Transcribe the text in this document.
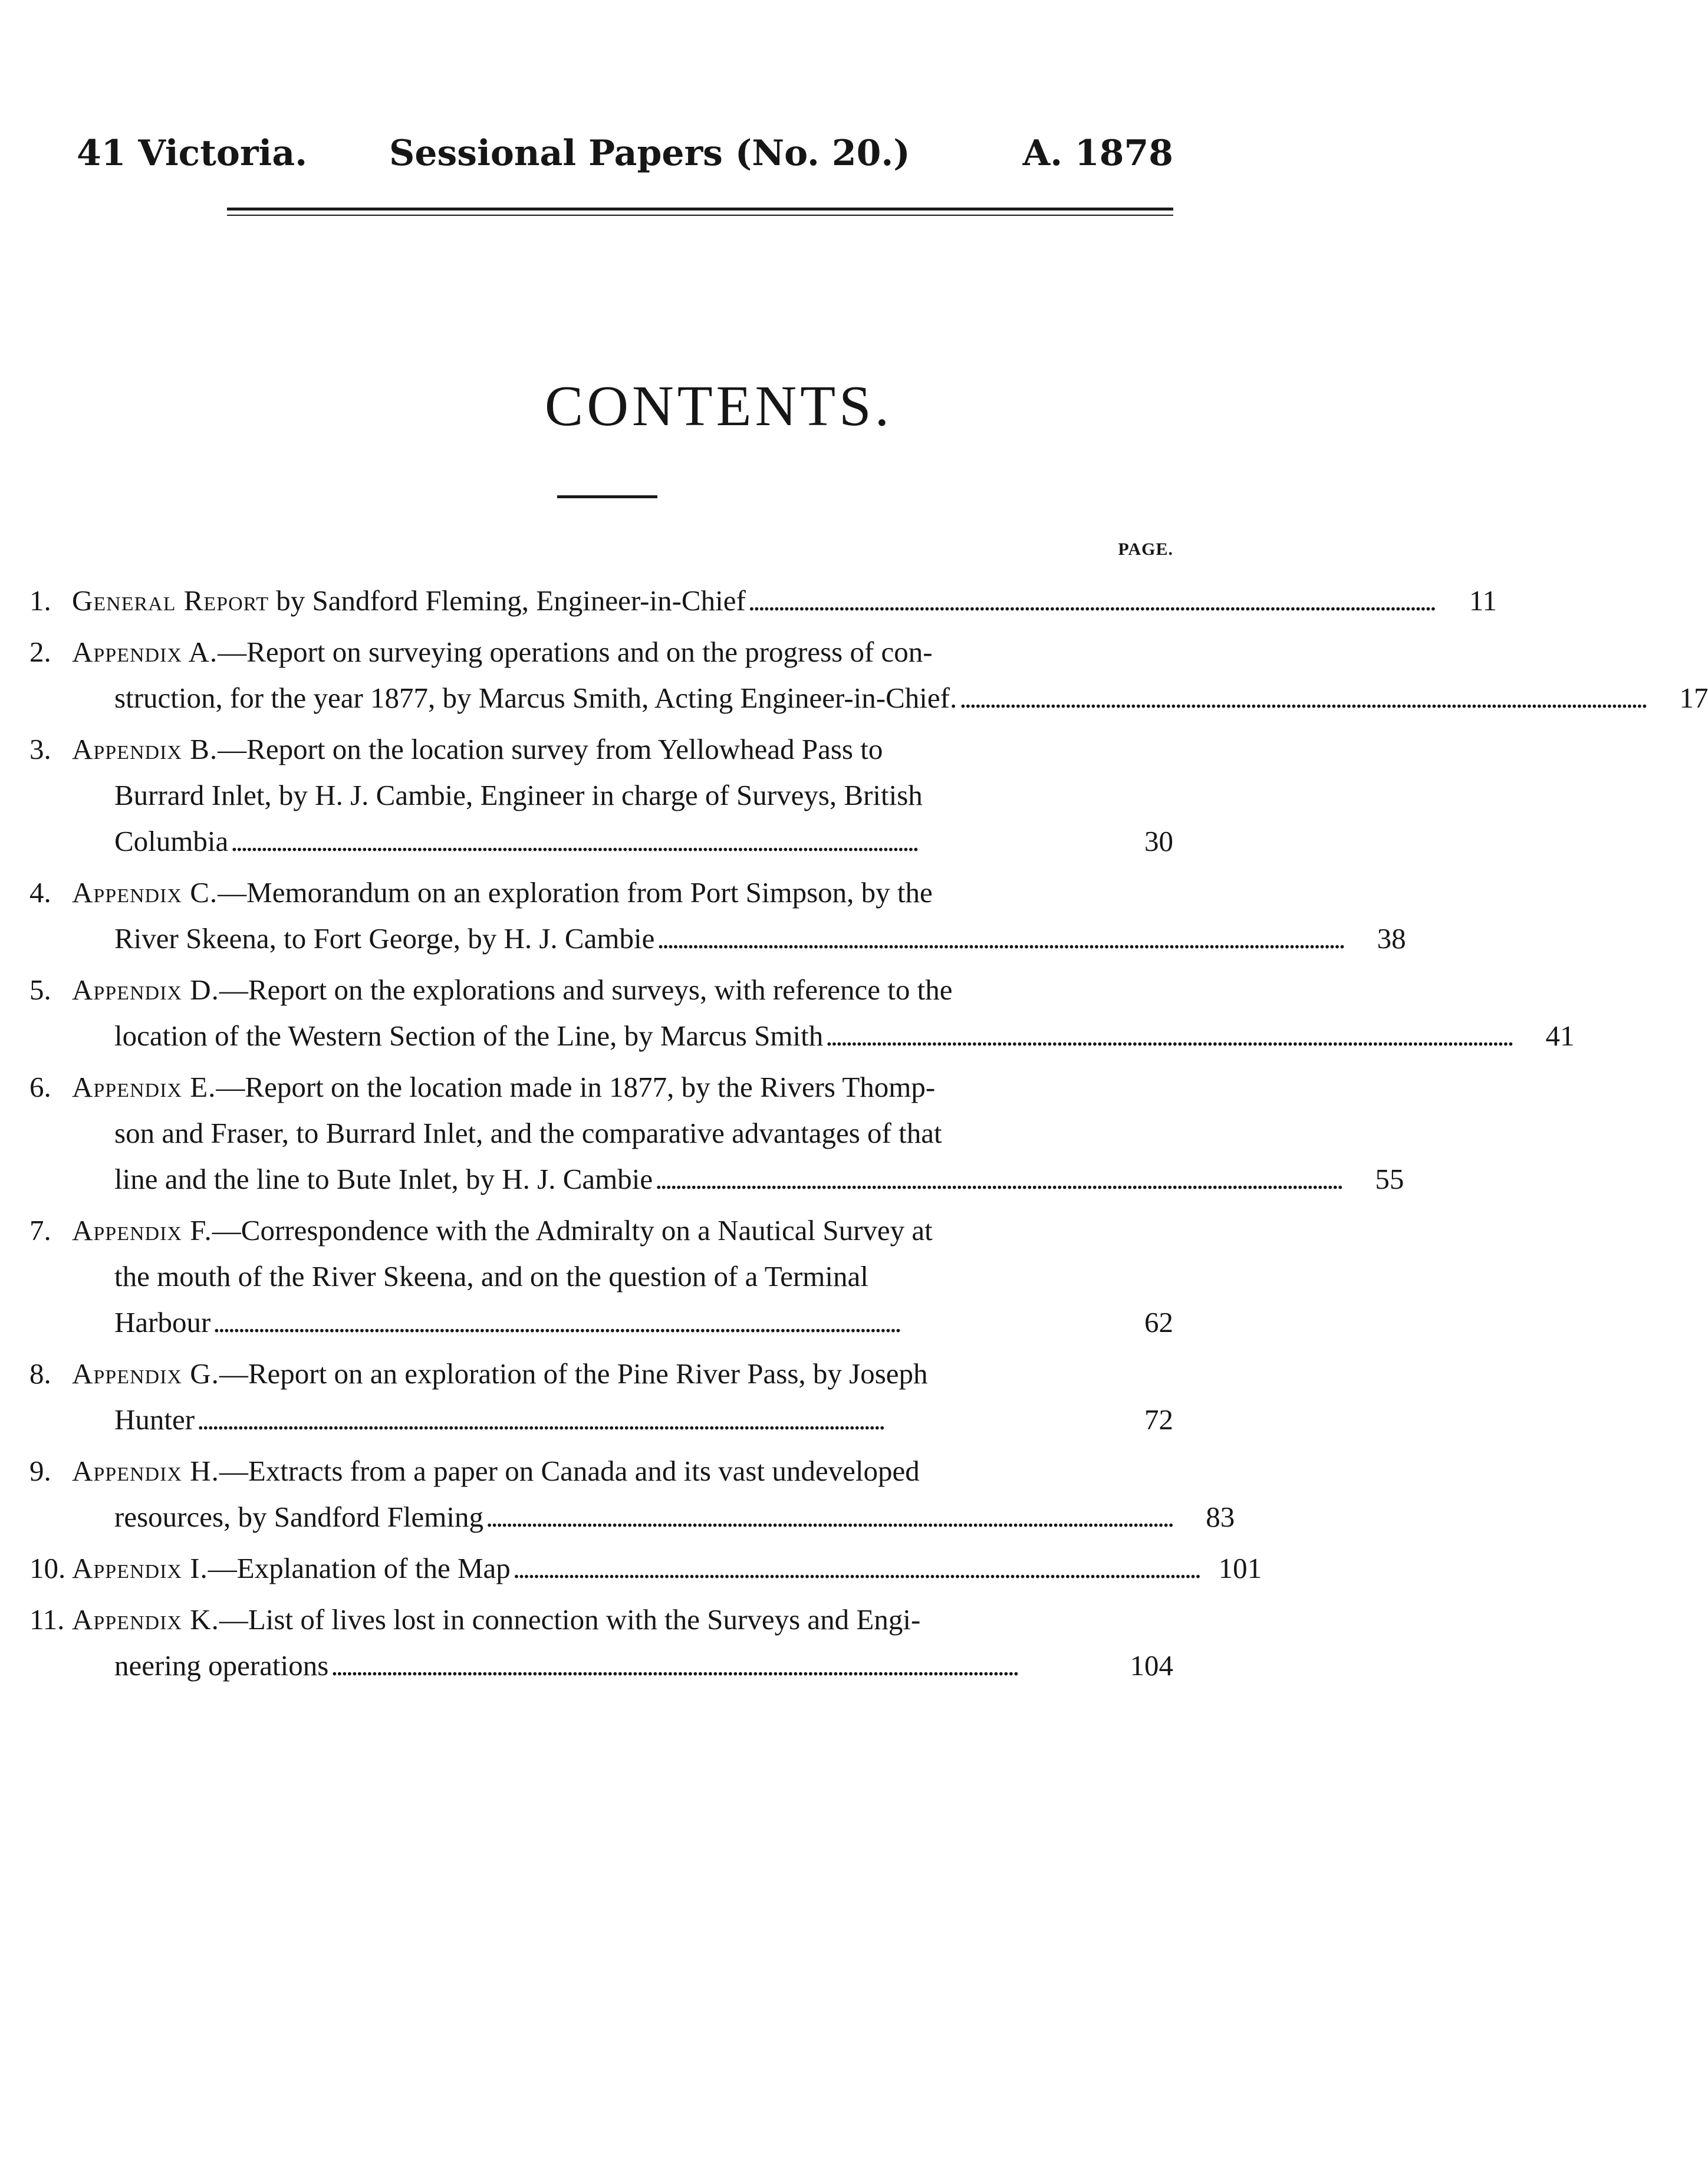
41 Victoria. Sessional Papers (No. 20.)	A. 1878
CONTENTS.
PAGE.
1. General Report by Sandford Fleming, Engineer-in-Chief . . .	11
2. Appendix A.—Report on surveying operations and on the progress of con-
struction, for the year 1877, by Marcus Smith, Acting Engineer-in-Chief. . . .	17
3. Appendix B.—Report on the location survey from Yellowhead Pass to
Burrard Inlet, by H. J. Cambie, Engineer in charge of Surveys, British
Columbia . . .	30
4. Appendix C.—Memorandum on an exploration from Port Simpson, by the
River Skeena, to Fort George, by H. J. Cambie . . .	38
5. Appendix D.—Report on the explorations and surveys, with reference to the
location of the Western Section of the Line, by Marcus Smith . . .	41
6. Appendix E.—Report on the location made in 1877, by the Rivers Thomp-
son and Fraser, to Burrard Inlet, and the comparative advantages of that
line and the line to Bute Inlet, by H. J. Cambie . . .	55
7. Appendix F.—Correspondence with the Admiralty on a Nautical Survey at
the mouth of the River Skeena, and on the question of a Terminal
Harbour . . .	62
8. Appendix G.—Report on an exploration of the Pine River Pass, by Joseph
Hunter . . .	72
9. Appendix H.—Extracts from a paper on Canada and its vast undeveloped
resources, by Sandford Fleming . . .	83
10. Appendix I.—Explanation of the Map . . .	101
11. Appendix K.—List of lives lost in connection with the Surveys and Engi-
neering operations . . .	104
